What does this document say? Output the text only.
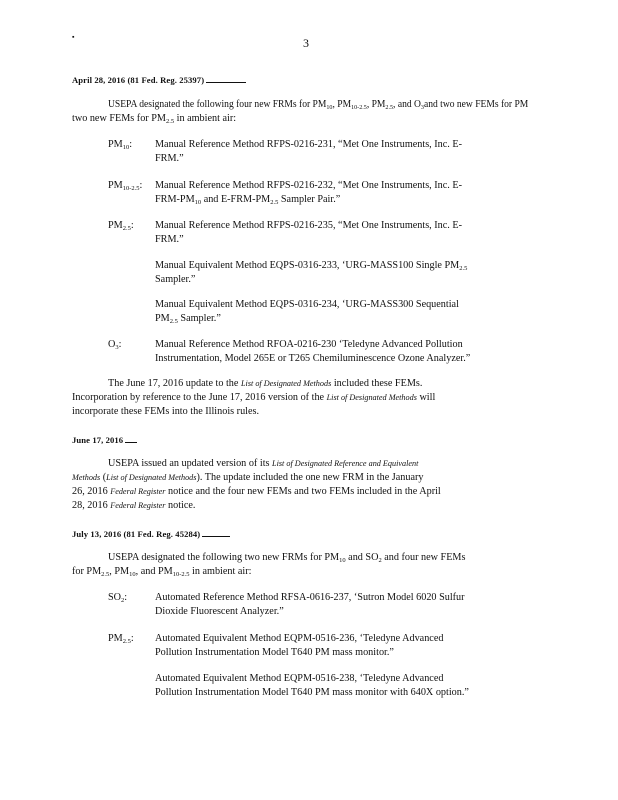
▪	3
April 28, 2016 (81 Fed. Reg. 25397)
USEPA designated the following four new FRMs for $PM_{10}$, $PM_{10-2.5}$, $PM_{2.5}$, and $O_3and$ two new FEMs for PM
two new FEMs for $PM_{2.5}$ in ambient air:
$PM_{10}$: Manual Reference Method RFPS-0216-231, “Met One Instruments, Inc. E-
FRM.”
$PM_{10-2.5}$: Manual Reference Method RFPS-0216-232, “Met One Instruments, Inc. E-
FRM-$PM_{10}$ and $E-FRM-PM_{2.5}$ Sampler Pair.”
$PM_{2.5}$: Manual Reference Method RFPS-0216-235, “Met One Instruments, Inc. E-
FRM.”
Manual Equivalent Method EQPS-0316-233, ‘URG-MASS100 Single $PM_{2.5}$
Sampler.”
Manual Equivalent Method EQPS-0316-234, ‘URG-MASS300 Sequential
$PM_{2.5}$ Sampler.”
$O_3$:	Manual Reference Method RFOA-0216-230 ‘Teledyne Advanced Pollution
Instrumentation, Model 265E or T265 Chemiluminescence Ozone Analyzer.”
The June 17, 2016 update to the List of Designated Methods included these FEMs.
Incorporation by reference to the June 17, 2016 version of the List of Designated Methods will
incorporate these FEMs into the Illinois rules.
June 17, 2016
USEPA issued an updated version of its List of Designated Reference and Equivalent
Methods (List of Designated Methods). The update included the one new FRM in the January
26, 2016 Federal Register notice and the four new FEMs and two FEMs included in the April
28, 2016 Federal Register notice.
July 13, 2016 (81 Fed. Reg. 45284)
USEPA designated the following two new FRMs for $PM_{10}$ and $SO_2$ and four new FEMs
for $PM_{2.5}$, $PM_{10}$, and $PM_{10-2.5}$ in ambient air:
$SO_2$:	Automated Reference Method RFSA-0616-237, ‘Sutron Model 6020 Sulfur
Dioxide Fluorescent Analyzer.”
$PM_{2.5}$: Automated Equivalent Method EQPM-0516-236, ‘Teledyne Advanced
Pollution Instrumentation Model T640 PM mass monitor.”
Automated Equivalent Method EQPM-0516-238, ‘Teledyne Advanced
Pollution Instrumentation Model T640 PM mass monitor with 640X option.”
